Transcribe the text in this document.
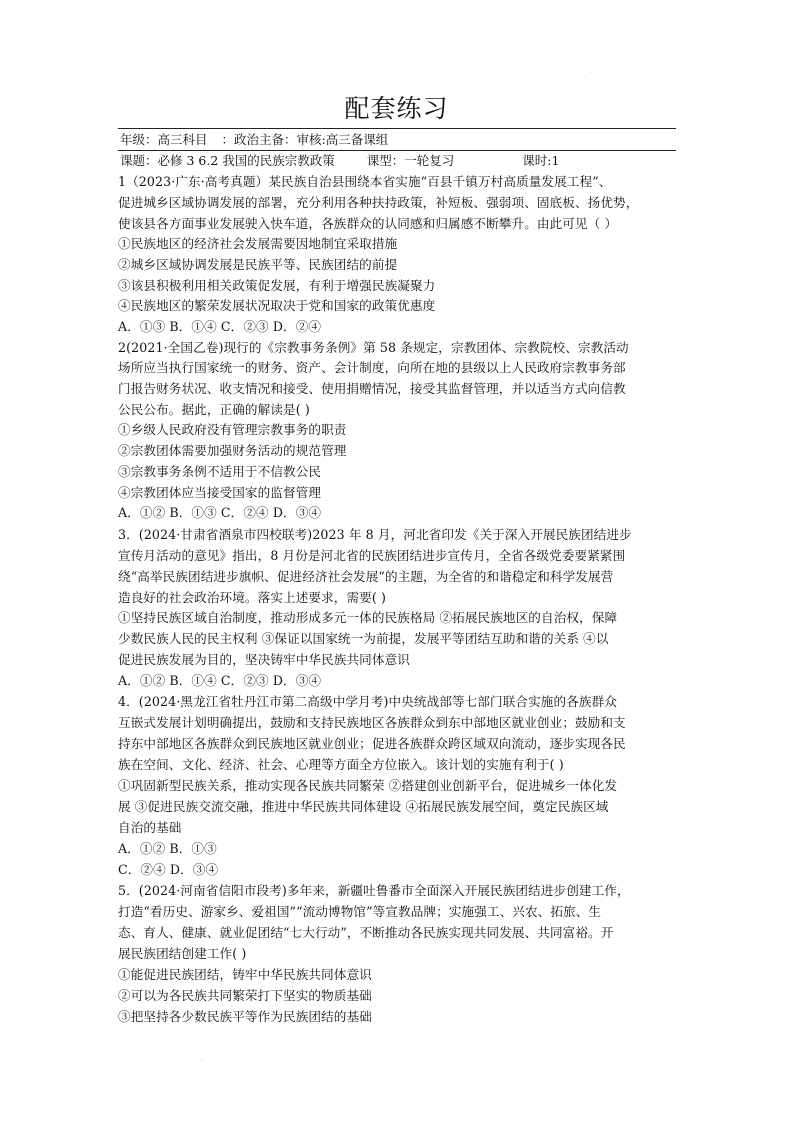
·
·
配套练习
年级：高三科目 ：政治主备：审核:高三备课组
课题：必修 3 6.2 我国的民族宗教政策	课型：一轮复习	课时:1
1（2023·广东·高考真题）某民族自治县围绕本省实施“百县千镇万村高质量发展工程”、
促进城乡区域协调发展的部署，充分利用各种扶持政策，补短板、强弱项、固底板、扬优势，
使该县各方面事业发展驶入快车道，各族群众的认同感和归属感不断攀升。由此可见（ ）
①民族地区的经济社会发展需要因地制宜采取措施
②城乡区域协调发展是民族平等、民族团结的前提
③该县积极利用相关政策促发展，有利于增强民族凝聚力
④民族地区的繁荣发展状况取决于党和国家的政策优惠度
A．①③ B．①④ C．②③ D．②④
2(2021·全国乙卷)现行的《宗教事务条例》第 58 条规定，宗教团体、宗教院校、宗教活动
场所应当执行国家统一的财务、资产、会计制度，向所在地的县级以上人民政府宗教事务部
门报告财务状况、收支情况和接受、使用捐赠情况，接受其监督管理，并以适当方式向信教
公民公布。据此，正确的解读是( )
①乡级人民政府没有管理宗教事务的职责
②宗教团体需要加强财务活动的规范管理
③宗教事务条例不适用于不信教公民
④宗教团体应当接受国家的监督管理
A．①② B．①③ C．②④ D．③④
3．(2024·甘肃省酒泉市四校联考)2023 年 8 月，河北省印发《关于深入开展民族团结进步
宣传月活动的意见》指出，8 月份是河北省的民族团结进步宣传月，全省各级党委要紧紧围
绕“高举民族团结进步旗帜、促进经济社会发展”的主题，为全省的和谐稳定和科学发展营
造良好的社会政治环境。落实上述要求，需要( )
①坚持民族区域自治制度，推动形成多元一体的民族格局 ②拓展民族地区的自治权，保障
少数民族人民的民主权利 ③保证以国家统一为前提，发展平等团结互助和谐的关系 ④以
促进民族发展为目的，坚决铸牢中华民族共同体意识
A．①② B．①④ C．②③ D．③④
4．(2024·黑龙江省牡丹江市第二高级中学月考)中央统战部等七部门联合实施的各族群众
互嵌式发展计划明确提出，鼓励和支持民族地区各族群众到东中部地区就业创业；鼓励和支
持东中部地区各族群众到民族地区就业创业；促进各族群众跨区域双向流动，逐步实现各民
族在空间、文化、经济、社会、心理等方面全方位嵌入。该计划的实施有利于( )
①巩固新型民族关系，推动实现各民族共同繁荣 ②搭建创业创新平台，促进城乡一体化发
展 ③促进民族交流交融，推进中华民族共同体建设 ④拓展民族发展空间，奠定民族区域
自治的基础
A．①② B．①③
C．②④ D．③④
5．(2024·河南省信阳市段考)多年来，新疆吐鲁番市全面深入开展民族团结进步创建工作，
打造“看历史、游家乡、爱祖国”“流动博物馆”等宣教品牌；实施强工、兴农、拓旅、生
态、育人、健康、就业促团结“七大行动”，不断推动各民族实现共同发展、共同富裕。开
展民族团结创建工作( )
①能促进民族团结，铸牢中华民族共同体意识
②可以为各民族共同繁荣打下坚实的物质基础
③把坚持各少数民族平等作为民族团结的基础
